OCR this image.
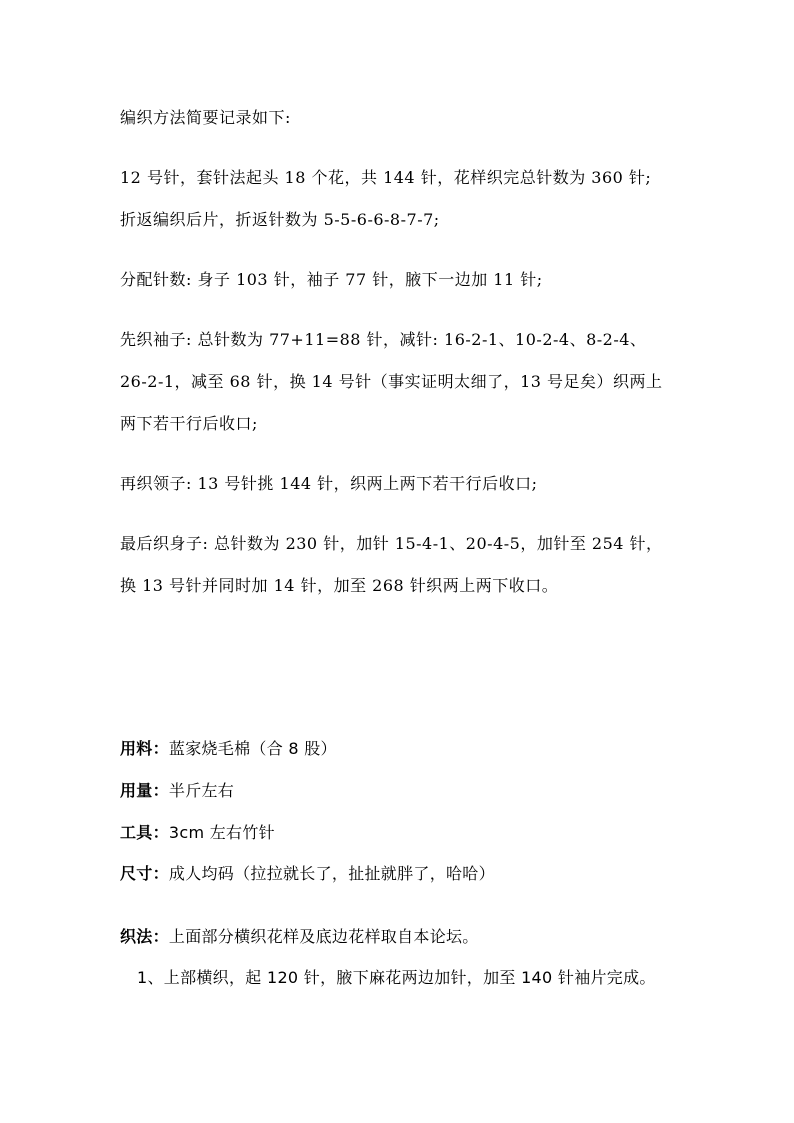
编织方法简要记录如下:
12 号针，套针法起头 18 个花，共 144 针，花样织完总针数为 360 针;
折返编织后片，折返针数为 5-5-6-6-8-7-7;
分配针数: 身子 103 针，袖子 77 针，腋下一边加 11 针;
先织袖子: 总针数为 77+11=88 针，减针: 16-2-1、10-2-4、8-2-4、
26-2-1，减至 68 针，换 14 号针（事实证明太细了，13 号足矣）织两上
两下若干行后收口;
再织领子: 13 号针挑 144 针，织两上两下若干行后收口;
最后织身子: 总针数为 230 针，加针 15-4-1、20-4-5，加针至 254 针，
换 13 号针并同时加 14 针，加至 268 针织两上两下收口。
用料：蓝家烧毛棉（合 8 股）
用量：半斤左右
工具：3cm 左右竹针
尺寸：成人均码（拉拉就长了，扯扯就胖了，哈哈）
织法：上面部分横织花样及底边花样取自本论坛。
1、上部横织，起 120 针，腋下麻花两边加针，加至 140 针袖片完成。
